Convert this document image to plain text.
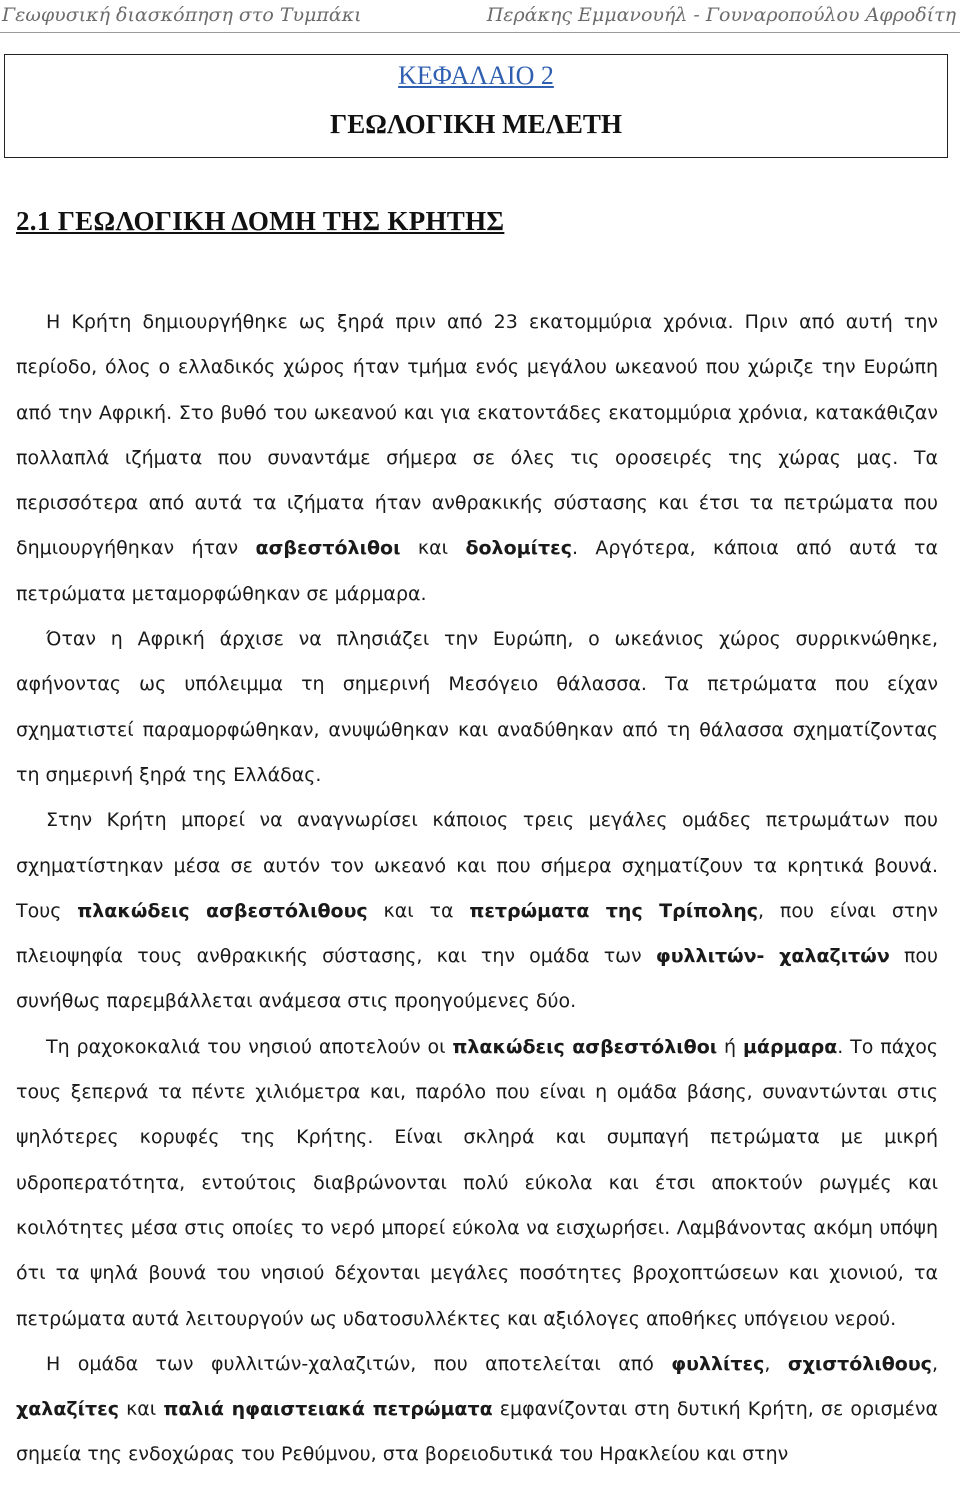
Γεωφυσική διασκόπηση στο Τυμπάκι	Περάκης Εμμανουήλ - Γουναροπούλου Αφροδίτη
ΚΕΦΑΛΑΙΟ 2
ΓΕΩΛΟΓΙΚΗ ΜΕΛΕΤΗ
2.1 ΓΕΩΛΟΓΙΚΗ ΔΟΜΗ ΤΗΣ ΚΡΗΤΗΣ

Η Κρήτη δημιουργήθηκε ως ξηρά πριν από 23 εκατομμύρια χρόνια. Πριν από αυτή την περίοδο, όλος ο ελλαδικός χώρος ήταν τμήμα ενός μεγάλου ωκεανού που χώριζε την Ευρώπη από την Αφρική. Στο βυθό του ωκεανού και για εκατοντάδες εκατομμύρια χρόνια, κατακάθιζαν πολλαπλά ιζήματα που συναντάμε σήμερα σε όλες τις οροσειρές της χώρας μας. Τα περισσότερα από αυτά τα ιζήματα ήταν ανθρακικής σύστασης και έτσι τα πετρώματα που δημιουργήθηκαν ήταν ασβεστόλιθοι και δολομίτες. Αργότερα, κάποια από αυτά τα πετρώματα μεταμορφώθηκαν σε μάρμαρα.

Όταν η Αφρική άρχισε να πλησιάζει την Ευρώπη, ο ωκεάνιος χώρος συρρικνώθηκε, αφήνοντας ως υπόλειμμα τη σημερινή Μεσόγειο θάλασσα. Τα πετρώματα που είχαν σχηματιστεί παραμορφώθηκαν, ανυψώθηκαν και αναδύθηκαν από τη θάλασσα σχηματίζοντας τη σημερινή ξηρά της Ελλάδας.

Στην Κρήτη μπορεί να αναγνωρίσει κάποιος τρεις μεγάλες ομάδες πετρωμάτων που σχηματίστηκαν μέσα σε αυτόν τον ωκεανό και που σήμερα σχηματίζουν τα κρητικά βουνά. Τους πλακώδεις ασβεστόλιθους και τα πετρώματα της Τρίπολης, που είναι στην πλειοψηφία τους ανθρακικής σύστασης, και την ομάδα των φυλλιτών- χαλαζιτών που συνήθως παρεμβάλλεται ανάμεσα στις προηγούμενες δύο.

Τη ραχοκοκαλιά του νησιού αποτελούν οι πλακώδεις ασβεστόλιθοι ή μάρμαρα. Το πάχος τους ξεπερνά τα πέντε χιλιόμετρα και, παρόλο που είναι η ομάδα βάσης, συναντώνται στις ψηλότερες κορυφές της Κρήτης. Είναι σκληρά και συμπαγή πετρώματα με μικρή υδροπερατότητα, εντούτοις διαβρώνονται πολύ εύκολα και έτσι αποκτούν ρωγμές και κοιλότητες μέσα στις οποίες το νερό μπορεί εύκολα να εισχωρήσει. Λαμβάνοντας ακόμη υπόψη ότι τα ψηλά βουνά του νησιού δέχονται μεγάλες ποσότητες βροχοπτώσεων και χιονιού, τα πετρώματα αυτά λειτουργούν ως υδατοσυλλέκτες και αξιόλογες αποθήκες υπόγειου νερού.

Η ομάδα των φυλλιτών-χαλαζιτών, που αποτελείται από φυλλίτες, σχιστόλιθους, χαλαζίτες και παλιά ηφαιστειακά πετρώματα εμφανίζονται στη δυτική Κρήτη, σε ορισμένα σημεία της ενδοχώρας του Ρεθύμνου, στα βορειοδυτικά του Ηρακλείου και στην
